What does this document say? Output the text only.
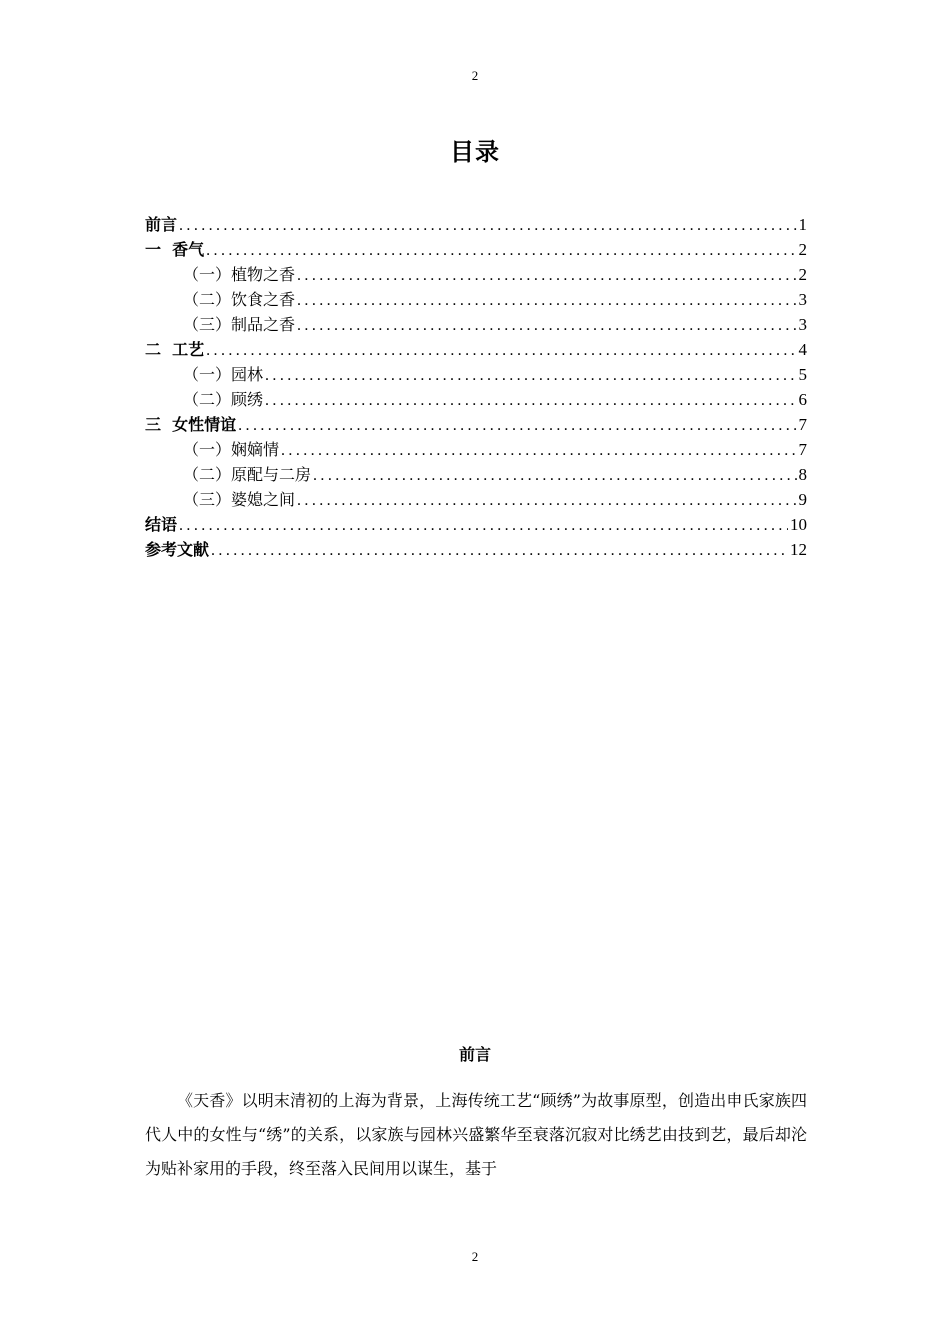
2
目录
前言 .....	1
一  香气 .....	2
（一）植物之香 .....	2
（二）饮食之香 .....	3
（三）制品之香 .....	3
二  工艺 .....	4
（一）园林 .....	5
（二）顾绣 .....	6
三  女性情谊 .....	7
（一）娴嫡情 .....	7
（二）原配与二房 .....	8
（三）婆媳之间 .....	9
结语 .....	10
参考文献 .....	12
前言

《天香》以明末清初的上海为背景，上海传统工艺“顾绣”为故事原型，创造出申氏家族四代人中的女性与“绣”的关系，以家族与园林兴盛繁华至衰落沉寂对比绣艺由技到艺，最后却沦为贴补家用的手段，终至落入民间用以谋生，基于

2
